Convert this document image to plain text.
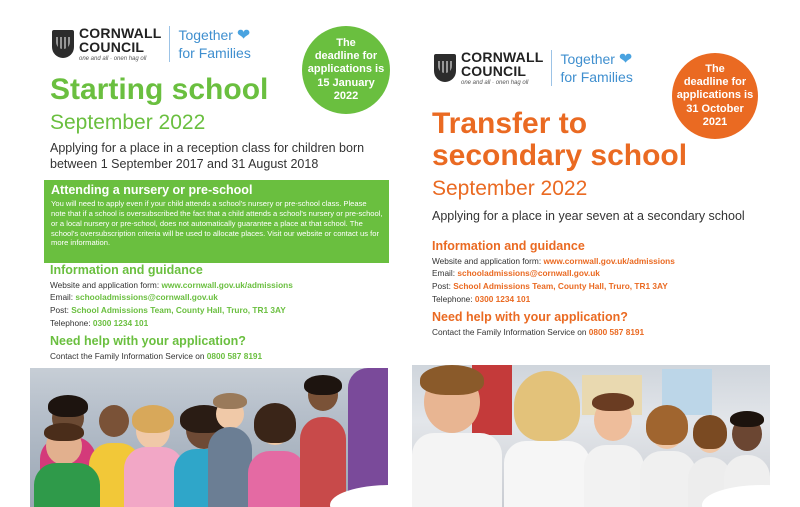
CORNWALL
COUNCIL
one and all · onen hag oll
Together ❤
for Families
The
deadline for
applications is
15 January
2022
Starting school
September 2022
Applying for a place in a reception class for children born between 1 September 2017 and 31 August 2018
Attending a nursery or pre-school
You will need to apply even if your child attends a school's nursery or pre-school class. Please note that if a school is oversubscribed the fact that a child attends a school's nursery or pre-school, or a local nursery or pre-school, does not automatically guarantee a place at that school. The school's oversubscription criteria will be used to allocate places. Visit our website or contact us for more information.
Information and guidance
Website and application form: www.cornwall.gov.uk/admissions
Email: schooladmissions@cornwall.gov.uk
Post: School Admissions Team, County Hall, Truro, TR1 3AY
Telephone: 0300 1234 101
Need help with your application?
Contact the Family Information Service on 0800 587 8191
CORNWALL
COUNCIL
one and all · onen hag oll
Together ❤
for Families
The
deadline for
applications is
31 October
2021
Transfer to
secondary school
September 2022
Applying for a place in year seven at a secondary school
Information and guidance
Website and application form: www.cornwall.gov.uk/admissions
Email: schooladmissions@cornwall.gov.uk
Post: School Admissions Team, County Hall, Truro, TR1 3AY
Telephone: 0300 1234 101
Need help with your application?
Contact the Family Information Service on 0800 587 8191
